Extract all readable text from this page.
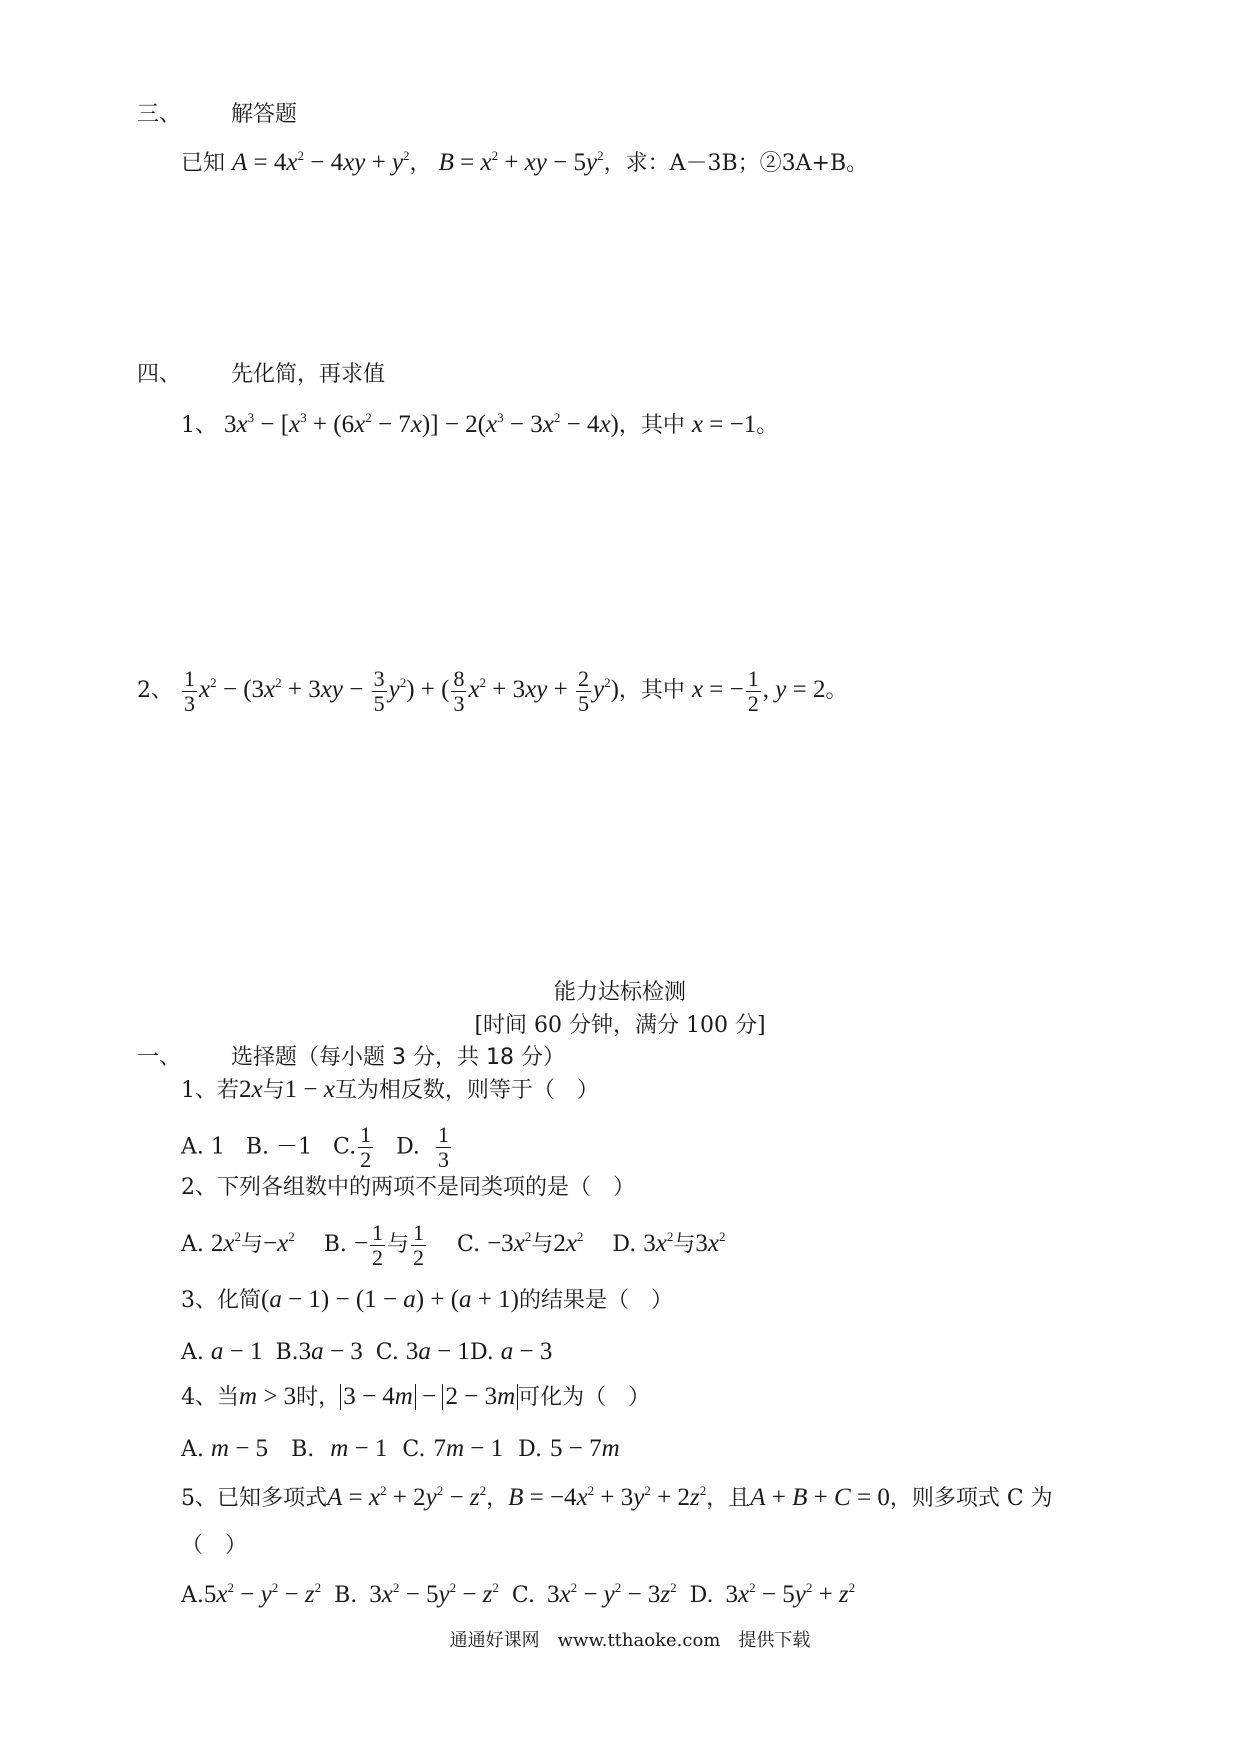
三、 解答题
已知 $A = 4x^2 - 4xy + y^2$， $B = x^2$ + xy − $5y^2$，求：A－3B；②3A+B。
四、 先化简，再求值
1、 $3x^3 - [x^3 + (6x^2 - 7x)] - 2(x^3 - 3x^2 - 4x)$，其中 x = −1。
2、 $\frac{1}{3} x^2 - (3x^2 + 3xy - \frac{3}{5} y^2)$ + ( $\frac{8}{3} x^2 + 3xy + \frac{2}{5} y^2$)，其中 x = − $\frac{1}{2}$ , y = 2。
能力达标检测
[时间 60 分钟，满分 100 分]
一、 选择题（每小题 3 分，共 18 分）
1、若2x与1 − x互为相反数，则等于（　）
A. 1 B. －1 C. $\frac{1}{2} D$. $\frac{1}{3}$
2、下列各组数中的两项不是同类项的是（　）
A. $2x^2$与$-x^2$ B. − $\frac{1}{2}$ 与 $\frac{1}{2} C$. $-3x^2$与$2x^2$ D. $3x^2$与$3x^2$
3、化简(a − 1) − (1 − a) + (a + 1)的结果是（　）
A. a − 1 B.3a − 3 C. 3a − 1D. a − 3
4、当m > 3时， 3 − 4m − 2 − 3m 可化为（　）
A. m − 5 B. m − 1 C. 7m − 1 D. 5 − 7m
5、已知多项式$A = x^2 + 2y^2 - z^2$，$B = -4x^2 + 3y^2 + 2z^2$，且A + B + C = 0，则多项式 C 为
（　）
$A.5x^2 - y^2 - z^2$ B. $3x^2 - 5y^2 - z^2$ C. $3x^2 - y^2 - 3z^2$ D. $3x^2 - 5y^2 + z^2$
通通好课网　www.tthaoke.com　提供下载
